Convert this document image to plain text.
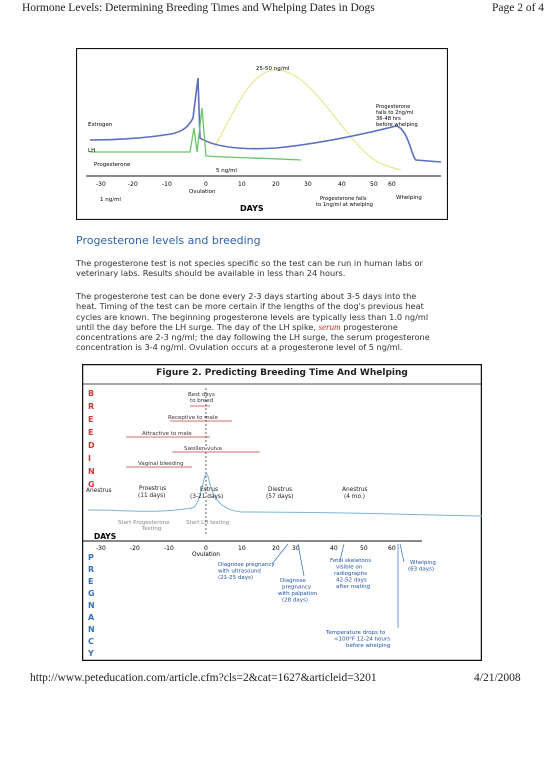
Hormone Levels: Determining Breeding Times and Whelping Dates in Dogs	Page 2 of 4
25-50 ng/ml
Estrogen
LH
Progesterone
5 ng/ml
Progesterone falls to 2ng/ml 36-48 hrs before whelping
-30	-20	-10	0	10	20	30	40	50 60
Ovulation
1 ng/ml
DAYS
Progesterone falls to 1ng/ml at whelping
Whelping
Progesterone levels and breeding
The progesterone test is not species specific so the test can be run in human labs or veterinary labs. Results should be available in less than 24 hours.
The progesterone test can be done every 2-3 days starting about 3-5 days into the heat. Timing of the test can be more certain if the lengths of the dog's previous heat cycles are known. The beginning progesterone levels are typically less than 1.0 ng/ml until the day before the LH surge. The day of the LH spike, serum progesterone concentrations are 2-3 ng/ml; the day following the LH surge, the serum progesterone concentration is 3-4 ng/ml. Ovulation occurs at a progesterone level of 5 ng/ml.
Best days to breed
Receptive to male
Attractive to male
Swollen vulva
Vaginal bleeding
B
R
E
E
D
I
N
G
Anestrus	Proestrus (11 days)
Estrus (3-21 days)
Diestrus (57 days)
Anestrus (4 mo.)
Start Progesterone Testing
Start LH testing
DAYS
-30	-20	-10	0	10	20 30	40	50	60
Ovulation
P
R
E
G
N
A
N
C
Y
Diagnose pregnancy with ultrasound (21-25 days)	Diagnose pregnancy with palpation (28 days)
Fetal skeletons visible on radiographs 42-52 days after mating
Whelping (63 days)
Temperature drops to <100°F 12-24 hours before whelping
Figure 2. Predicting Breeding Time And Whelping
http://www.peteducation.com/article.cfm?cls=2&cat=1627&articleid=3201	4/21/2008
